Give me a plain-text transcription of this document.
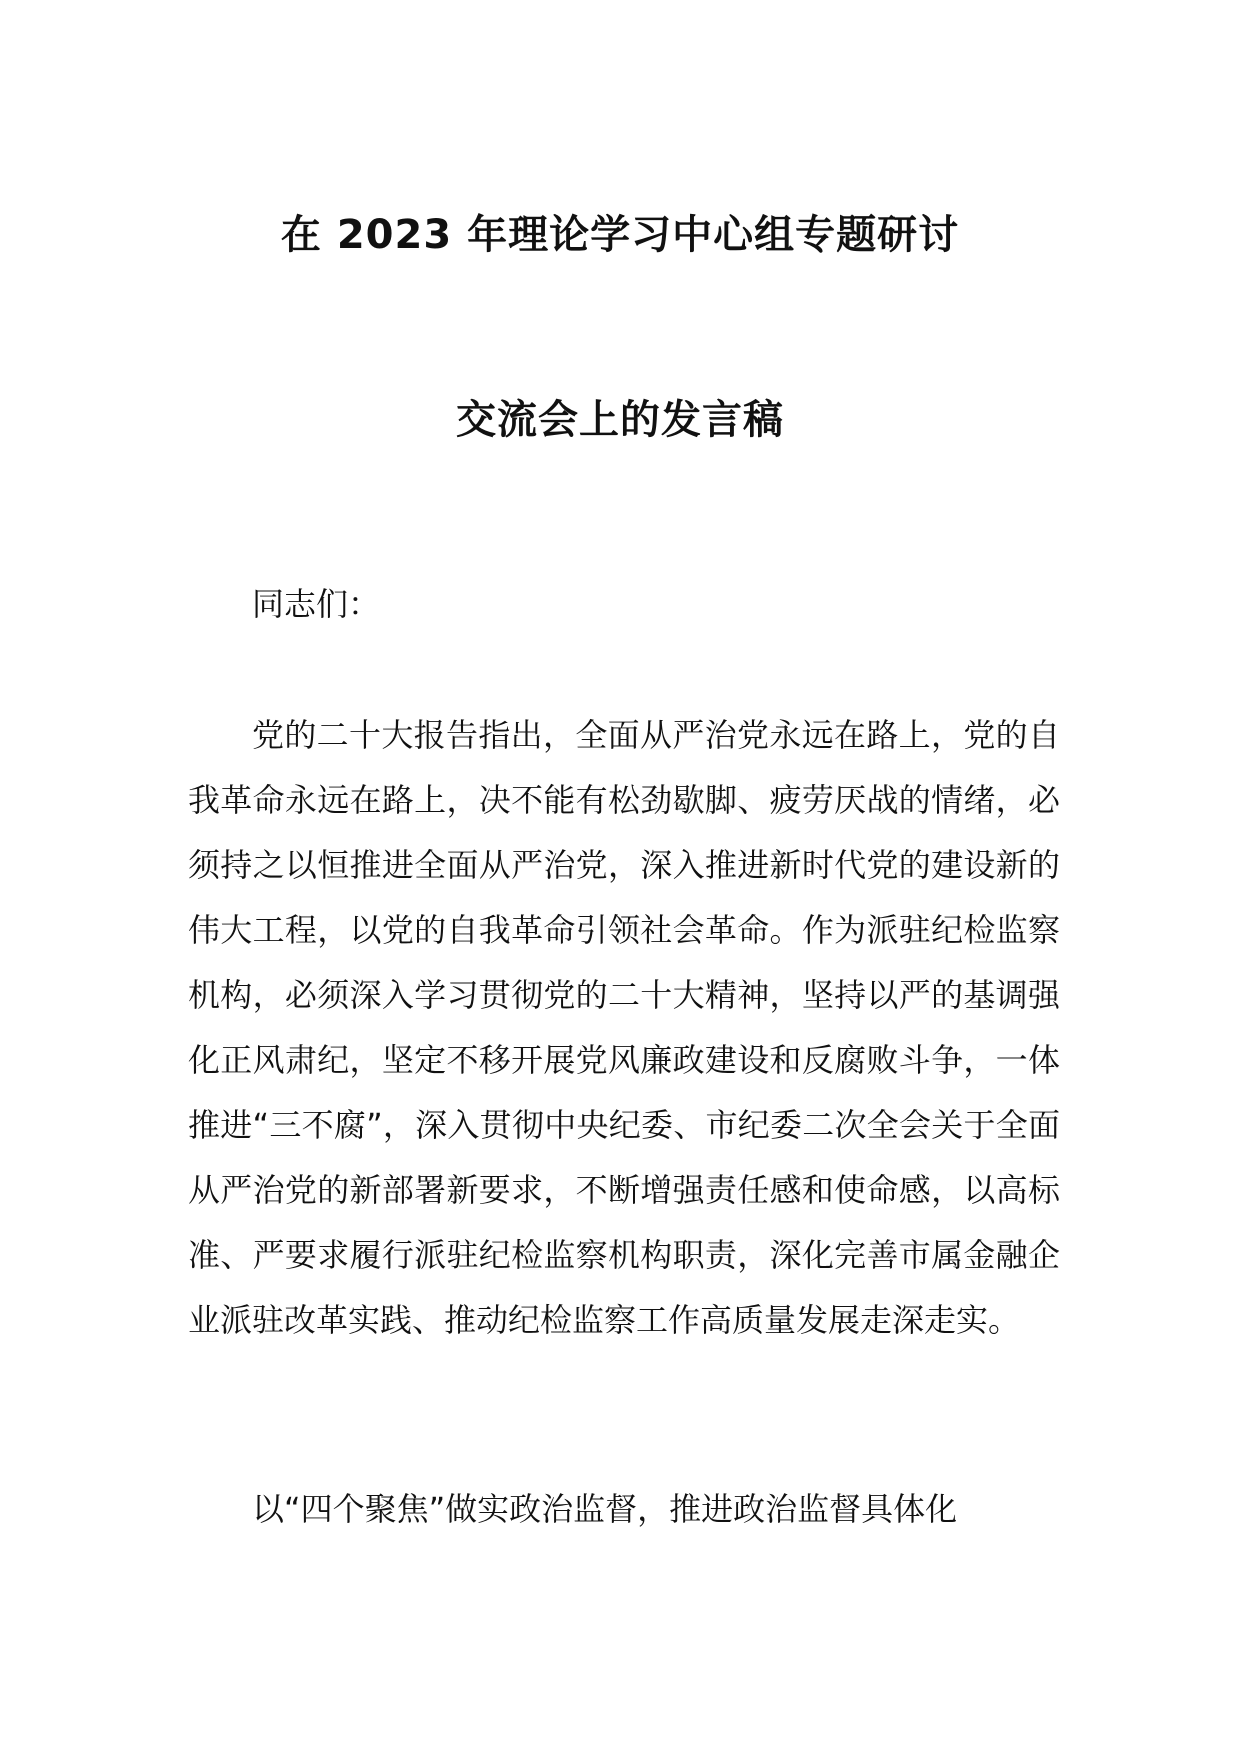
在 2023 年理论学习中心组专题研讨
交流会上的发言稿

同志们：

党的二十大报告指出，全面从严治党永远在路上，党的自我革命永远在路上，决不能有松劲歇脚、疲劳厌战的情绪，必须持之以恒推进全面从严治党，深入推进新时代党的建设新的伟大工程，以党的自我革命引领社会革命。作为派驻纪检监察机构，必须深入学习贯彻党的二十大精神，坚持以严的基调强化正风肃纪，坚定不移开展党风廉政建设和反腐败斗争，一体推进“三不腐”，深入贯彻中央纪委、市纪委二次全会关于全面从严治党的新部署新要求，不断增强责任感和使命感，以高标准、严要求履行派驻纪检监察机构职责，深化完善市属金融企业派驻改革实践、推动纪检监察工作高质量发展走深走实。

以“四个聚焦”做实政治监督，推进政治监督具体化
